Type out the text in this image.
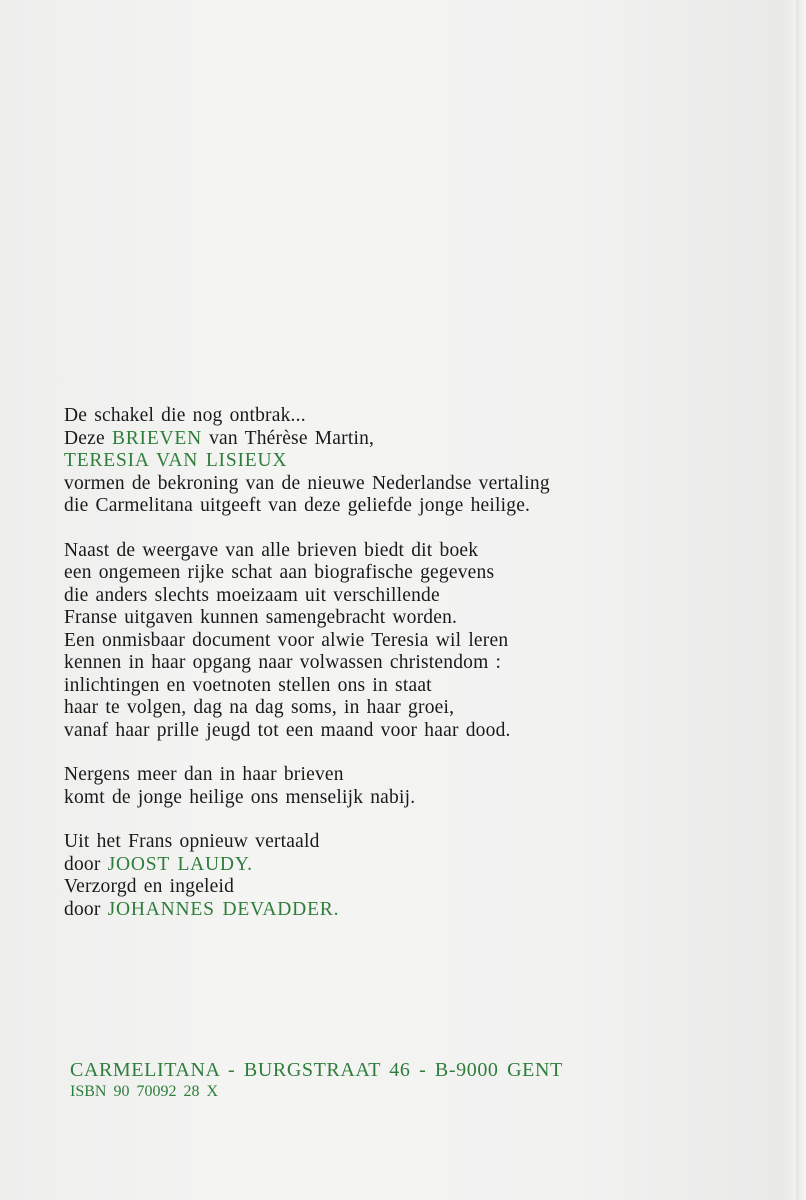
De schakel die nog ontbrak...
Deze BRIEVEN van Thérèse Martin,
TERESIA VAN LISIEUX
vormen de bekroning van de nieuwe Nederlandse vertaling
die Carmelitana uitgeeft van deze geliefde jonge heilige.

Naast de weergave van alle brieven biedt dit boek
een ongemeen rijke schat aan biografische gegevens
die anders slechts moeizaam uit verschillende
Franse uitgaven kunnen samengebracht worden.
Een onmisbaar document voor alwie Teresia wil leren
kennen in haar opgang naar volwassen christendom :
inlichtingen en voetnoten stellen ons in staat
haar te volgen, dag na dag soms, in haar groei,
vanaf haar prille jeugd tot een maand voor haar dood.

Nergens meer dan in haar brieven
komt de jonge heilige ons menselijk nabij.

Uit het Frans opnieuw vertaald
door JOOST LAUDY.
Verzorgd en ingeleid
door JOHANNES DEVADDER.

CARMELITANA - BURGSTRAAT 46 - B-9000 GENT
ISBN 90 70092 28 X
